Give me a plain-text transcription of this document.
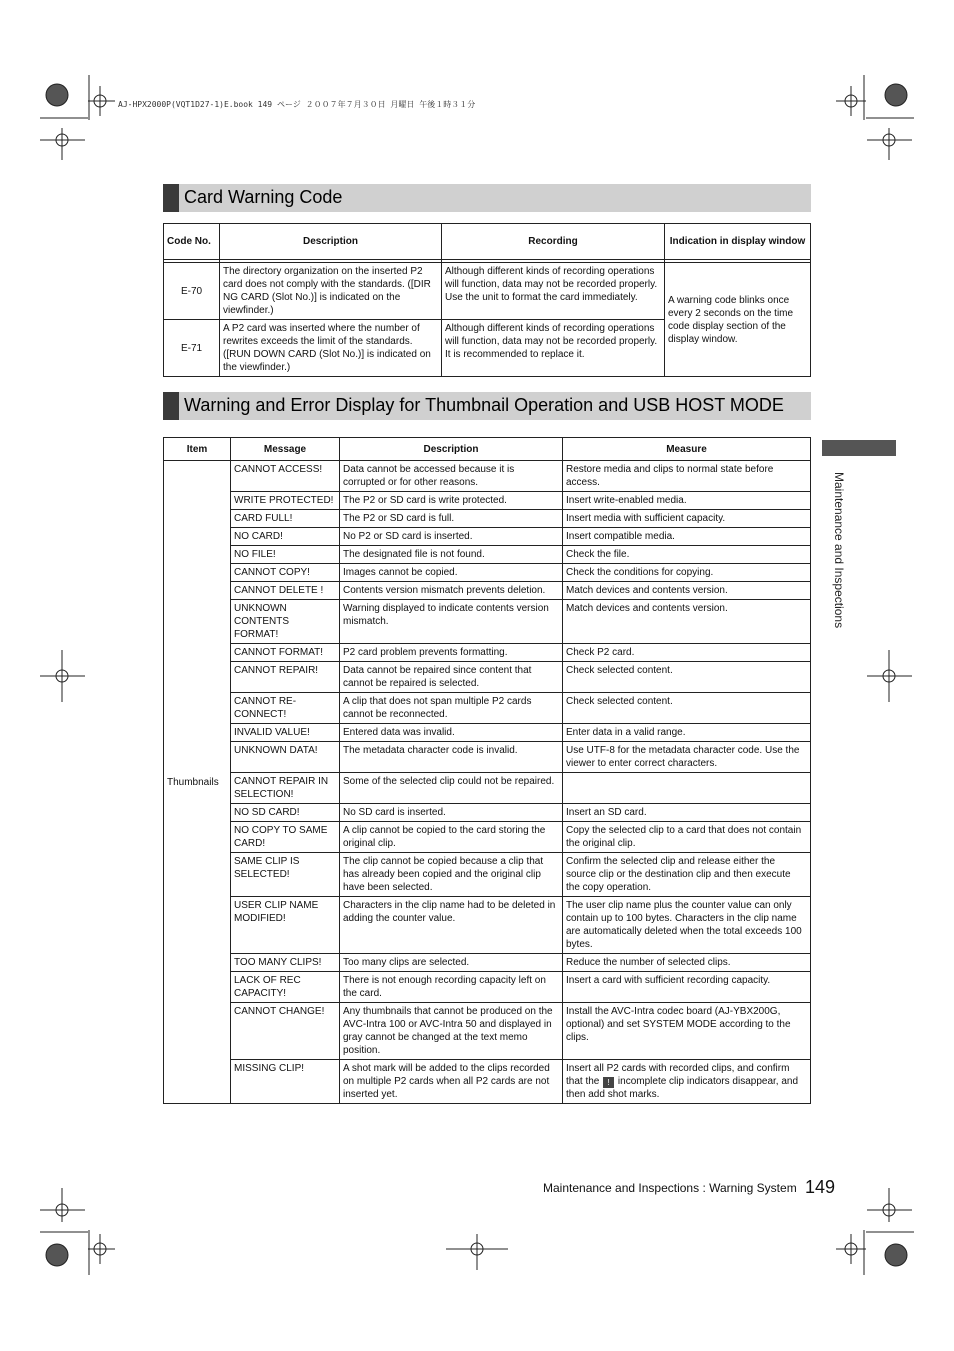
AJ-HPX2000P(VQT1D27-1)E.book 149 ページ ２００７年７月３０日 月曜日 午後１時３１分
Card Warning Code
Code No.	Description	Recording	Indication in display window

E-70	The directory organization on the inserted P2 card does not comply with the standards. ([DIR NG CARD (Slot No.)] is indicated on the viewfinder.)	Although different kinds of recording operations will function, data may not be recorded properly. Use the unit to format the card immediately.	A warning code blinks once every 2 seconds on the time code display section of the display window.
E-71	A P2 card was inserted where the number of rewrites exceeds the limit of the standards. ([RUN DOWN CARD (Slot No.)] is indicated on the viewfinder.)	Although different kinds of recording operations will function, data may not be recorded properly. It is recommended to replace it.	
Warning and Error Display for Thumbnail Operation and USB HOST MODE
Item	Message	Description	Measure
Thumbnails	CANNOT ACCESS!	Data cannot be accessed because it is corrupted or for other reasons.	Restore media and clips to normal state before access.
	WRITE PROTECTED!	The P2 or SD card is write protected.	Insert write-enabled media.
	CARD FULL!	The P2 or SD card is full.	Insert media with sufficient capacity.
	NO CARD!	No P2 or SD card is inserted.	Insert compatible media.
	NO FILE!	The designated file is not found.	Check the file.
	CANNOT COPY!	Images cannot be copied.	Check the conditions for copying.
	CANNOT DELETE !	Contents version mismatch prevents deletion.	Match devices and contents version.
	UNKNOWN CONTENTS FORMAT!	Warning displayed to indicate contents version mismatch.	Match devices and contents version.
	CANNOT FORMAT!	P2 card problem prevents formatting.	Check P2 card.
	CANNOT REPAIR!	Data cannot be repaired since content that cannot be repaired is selected.	Check selected content.
	CANNOT RE-CONNECT!	A clip that does not span multiple P2 cards cannot be reconnected.	Check selected content.
	INVALID VALUE!	Entered data was invalid.	Enter data in a valid range.
	UNKNOWN DATA!	The metadata character code is invalid.	Use UTF-8 for the metadata character code. Use the viewer to enter correct characters.
	CANNOT REPAIR IN SELECTION!	Some of the selected clip could not be repaired.	
	NO SD CARD!	No SD card is inserted.	Insert an SD card.
	NO COPY TO SAME CARD!	A clip cannot be copied to the card storing the original clip.	Copy the selected clip to a card that does not contain the original clip.
	SAME CLIP IS SELECTED!	The clip cannot be copied because a clip that has already been copied and the original clip have been selected.	Confirm the selected clip and release either the source clip or the destination clip and then execute the copy operation.
	USER CLIP NAME MODIFIED!	Characters in the clip name had to be deleted in adding the counter value.	The user clip name plus the counter value can only contain up to 100 bytes. Characters in the clip name are automatically deleted when the total exceeds 100 bytes.
	TOO MANY CLIPS!	Too many clips are selected.	Reduce the number of selected clips.
	LACK OF REC CAPACITY!	There is not enough recording capacity left on the card.	Insert a card with sufficient recording capacity.
	CANNOT CHANGE!	Any thumbnails that cannot be produced on the AVC-Intra 100 or AVC-Intra 50 and displayed in gray cannot be changed at the text memo position.	Install the AVC-Intra codec board (AJ-YBX200G, optional) and set SYSTEM MODE according to the clips.
	MISSING CLIP!	A shot mark will be added to the clips recorded on multiple P2 cards when all P2 cards are not inserted yet.	Insert all P2 cards with recorded clips, and confirm that the ! incomplete clip indicators disappear, and then add shot marks.
Maintenance and Inspections
Maintenance and Inspections : Warning System 149
